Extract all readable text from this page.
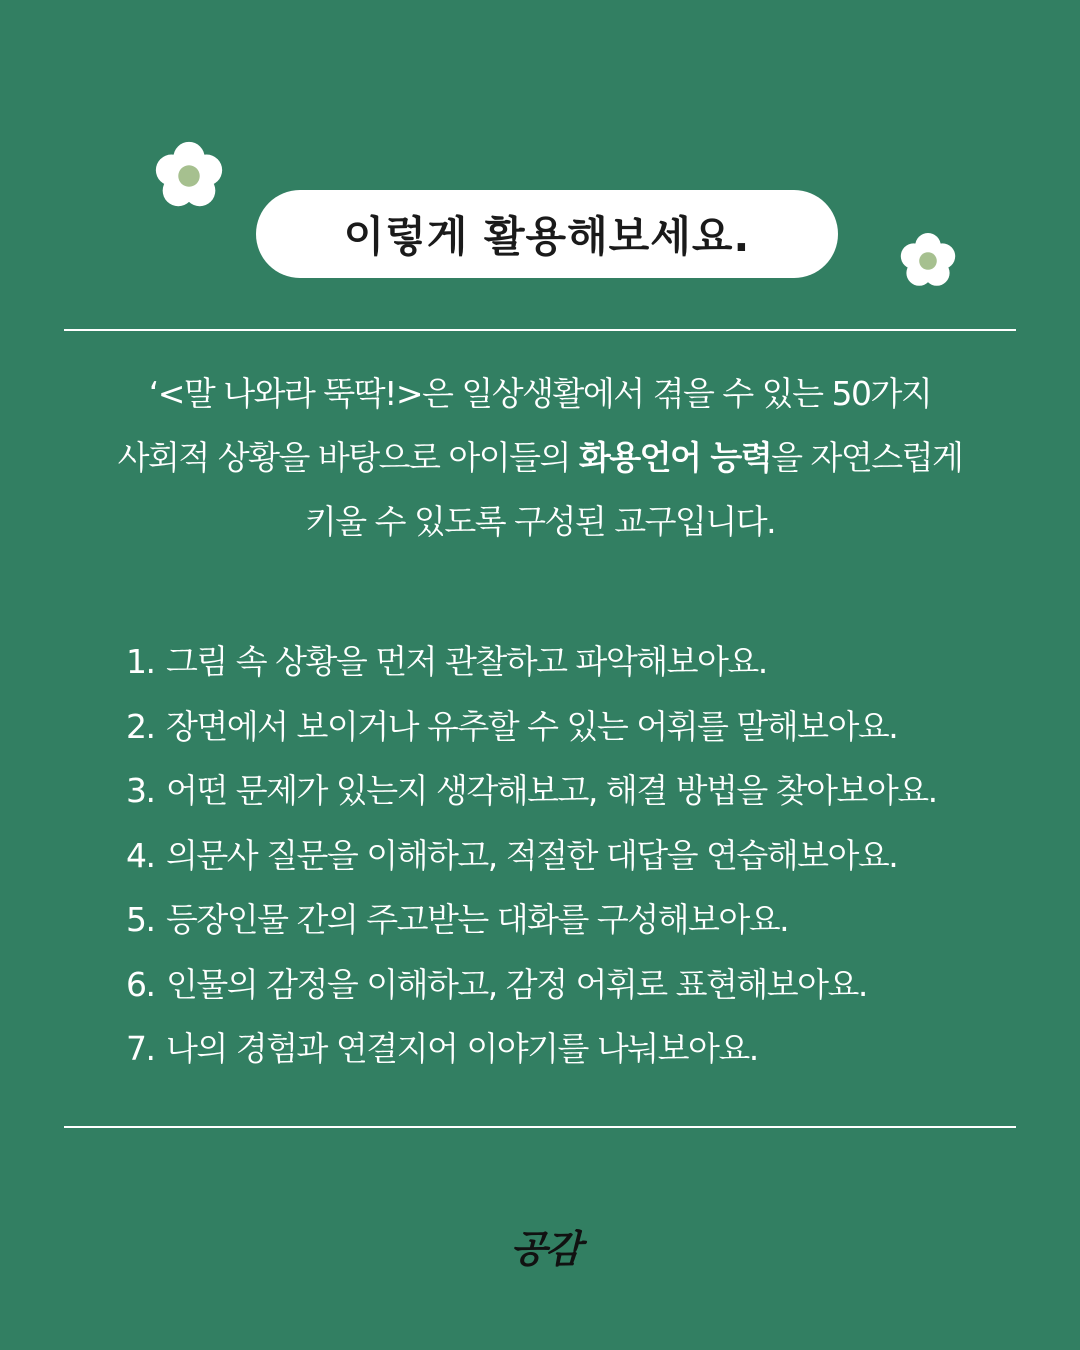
이렇게 활용해보세요.
‘<말 나와라 뚝딱!>은 일상생활에서 겪을 수 있는 50가지
사회적 상황을 바탕으로 아이들의 화용언어 능력을 자연스럽게
키울 수 있도록 구성된 교구입니다.
1. 그림 속 상황을 먼저 관찰하고 파악해보아요.
2. 장면에서 보이거나 유추할 수 있는 어휘를 말해보아요.
3. 어떤 문제가 있는지 생각해보고, 해결 방법을 찾아보아요.
4. 의문사 질문을 이해하고, 적절한 대답을 연습해보아요.
5. 등장인물 간의 주고받는 대화를 구성해보아요.
6. 인물의 감정을 이해하고, 감정 어휘로 표현해보아요.
7. 나의 경험과 연결지어 이야기를 나눠보아요.
공감
